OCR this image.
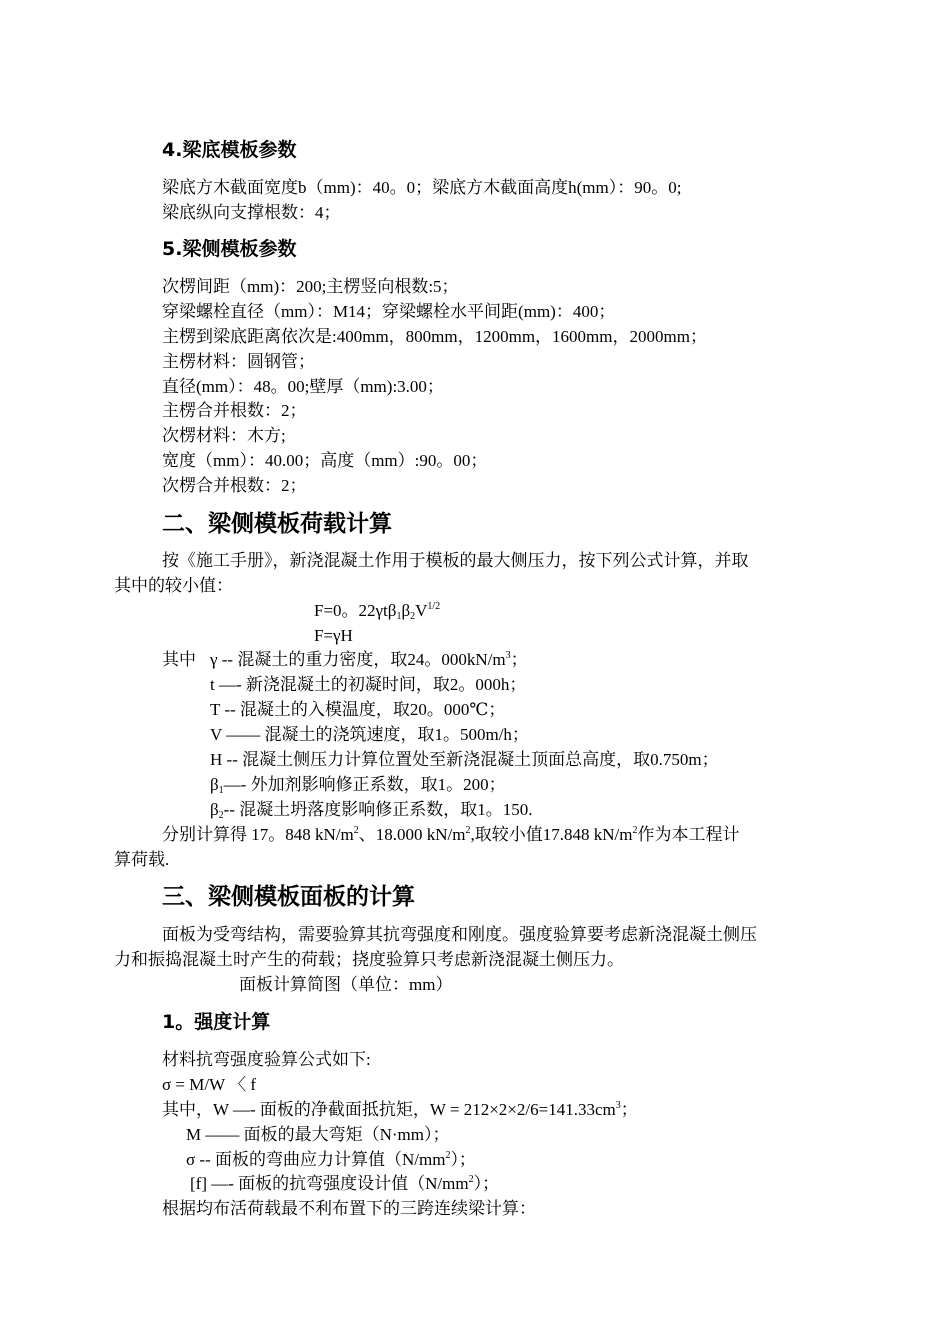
4.梁底模板参数
梁底方木截面宽度b（mm)：40。0；梁底方木截面高度h(mm）：90。0;
梁底纵向支撑根数：4；
5.梁侧模板参数
次楞间距（mm)：200;主楞竖向根数:5；
穿梁螺栓直径（mm）：M14；穿梁螺栓水平间距(mm)：400；
主楞到梁底距离依次是:400mm，800mm，1200mm，1600mm，2000mm；
主楞材料：圆钢管；
直径(mm）：48。00;壁厚（mm):3.00；
主楞合并根数：2；
次楞材料：木方;
宽度（mm）：40.00；高度（mm）:90。00；
次楞合并根数：2；
二、梁侧模板荷载计算
按《施工手册》，新浇混凝土作用于模板的最大侧压力，按下列公式计算，并取
其中的较小值：
F=0。$22\gamma t\beta_1\beta_2V^{1/2}$
F=γH
其中 γ -- 混凝土的重力密度，取24。$000kN/m^3$；
t —- 新浇混凝土的初凝时间，取2。000h；
T -- 混凝土的入模温度，取20。000℃；
V —— 混凝土的浇筑速度，取1。500m/h；
H -- 混凝土侧压力计算位置处至新浇混凝土顶面总高度，取0.750m；
$\beta_1—-$ 外加剂影响修正系数，取1。200；
$\beta_2--$ 混凝土坍落度影响修正系数，取1。150.
分别计算得 17。848 $kN/m^2$、18.000 $kN/m^2$,取较小值17.848 $kN/m^2$作为本工程计
算荷载.
三、梁侧模板面板的计算
面板为受弯结构，需要验算其抗弯强度和刚度。强度验算要考虑新浇混凝土侧压
力和振捣混凝土时产生的荷载；挠度验算只考虑新浇混凝土侧压力。
面板计算简图（单位：mm）
1。强度计算
材料抗弯强度验算公式如下:
σ = M/W 〈 f
其中，W —- 面板的净截面抵抗矩，$W = 212\times 2\times 2/6=141.33cm^3$；
M —— 面板的最大弯矩（N·mm）；
σ -- 面板的弯曲应力计算值$(N/mm^2)$；
[f] —- 面板的抗弯强度设计值$(N/mm^2)$；
根据均布活荷载最不利布置下的三跨连续梁计算：
